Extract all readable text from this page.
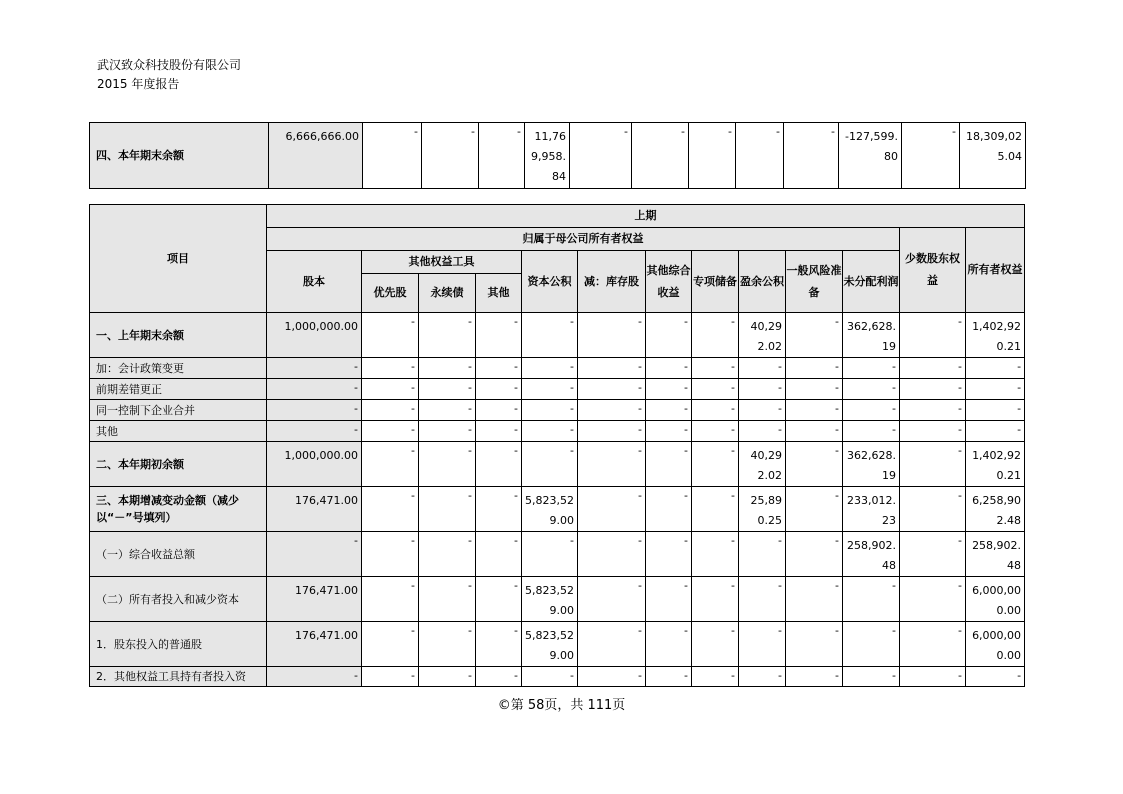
武汉致众科技股份有限公司
2015 年度报告
四、本年期末余额	6,666,666.00	-	-	-	11,769,958.84	-	-	-	-	-	-127,599.80	-	18,309,025.04
项目	上期												
	归属于母公司所有者权益											少数股东权益	所有者权益
	股本	其他权益工具			资本公积	减：库存股	其他综合收益	专项储备	盈余公积	一般风险准备	未分配利润		
		优先股	永续债	其他									
一、上年期末余额	1,000,000.00	-	-	-	-	-	-	-	40,292.02	-	362,628.19	-	1,402,920.21
加：会计政策变更	-	-	-	-	-	-	-	-	-	-	-	-	-
前期差错更正	-	-	-	-	-	-	-	-	-	-	-	-	-
同一控制下企业合并	-	-	-	-	-	-	-	-	-	-	-	-	-
其他	-	-	-	-	-	-	-	-	-	-	-	-	-
二、本年期初余额	1,000,000.00	-	-	-	-	-	-	-	40,292.02	-	362,628.19	-	1,402,920.21
三、本期增减变动金额（减少以“－”号填列）	176,471.00	-	-	-	5,823,529.00	-	-	-	25,890.25	-	233,012.23	-	6,258,902.48
（一）综合收益总额	-	-	-	-	-	-	-	-	-	-	258,902.48	-	258,902.48
（二）所有者投入和减少资本	176,471.00	-	-	-	5,823,529.00	-	-	-	-	-	-	-	6,000,000.00
1．股东投入的普通股	176,471.00	-	-	-	5,823,529.00	-	-	-	-	-	-	-	6,000,000.00
2．其他权益工具持有者投入资	-	-	-	-	-	-	-	-	-	-	-	-	-
©第 58页，共 111页
